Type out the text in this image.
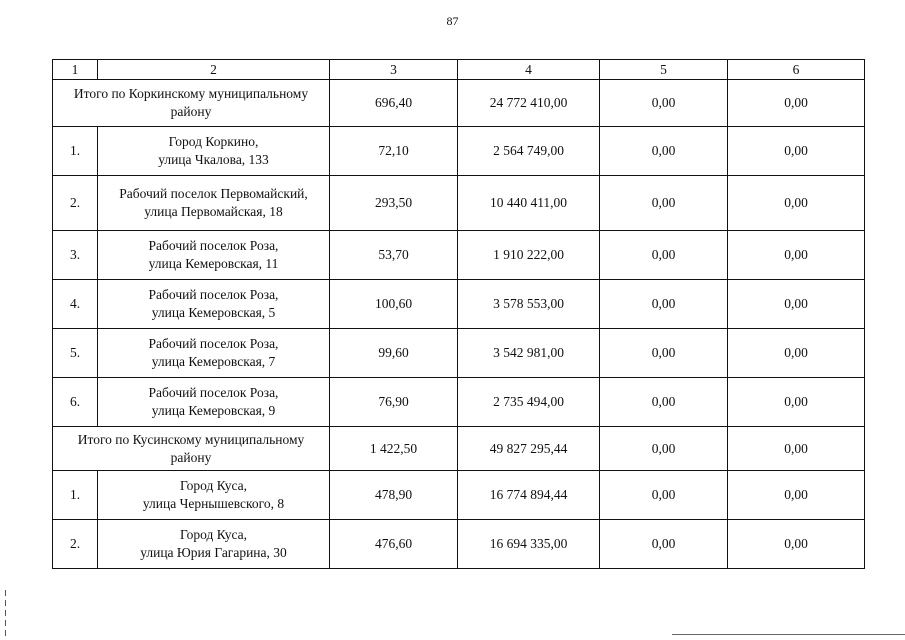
87
1	2	3	4	5	6

Итого по Коркинскому муниципальному
району		696,40	24 772 410,00	0,00	0,00
1.	Город Коркино,
улица Чкалова, 133	72,10	2 564 749,00	0,00	0,00
2.	Рабочий поселок Первомайский,
улица Первомайская, 18	293,50	10 440 411,00	0,00	0,00
3.	Рабочий поселок Роза,
улица Кемеровская, 11	53,70	1 910 222,00	0,00	0,00
4.	Рабочий поселок Роза,
улица Кемеровская, 5	100,60	3 578 553,00	0,00	0,00
5.	Рабочий поселок Роза,
улица Кемеровская, 7	99,60	3 542 981,00	0,00	0,00
6.	Рабочий поселок Роза,
улица Кемеровская, 9	76,90	2 735 494,00	0,00	0,00

Итого по Кусинскому муниципальному
району		1 422,50	49 827 295,44	0,00	0,00
1.	Город Куса,
улица Чернышевского, 8	478,90	16 774 894,44	0,00	0,00
2.	Город Куса,
улица Юрия Гагарина, 30	476,60	16 694 335,00	0,00	0,00
